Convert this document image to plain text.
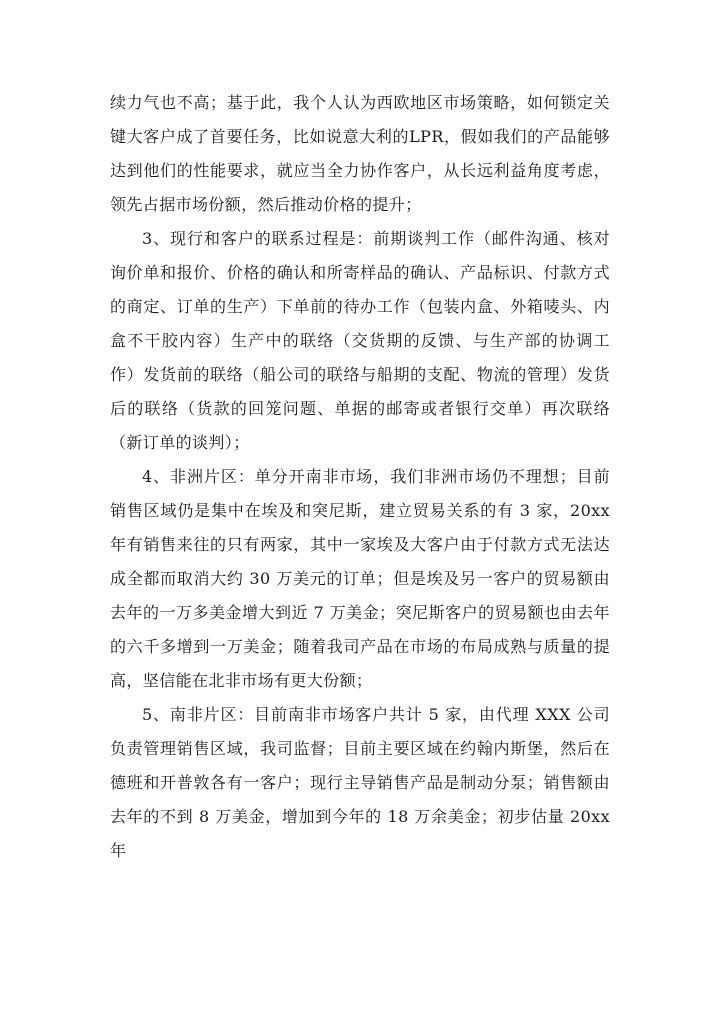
续力气也不高；基于此，我个人认为西欧地区市场策略，如何锁定关键大客户成了首要任务，比如说意大利的LPR，假如我们的产品能够达到他们的性能要求，就应当全力协作客户，从长远利益角度考虑，领先占据市场份额，然后推动价格的提升；

3、现行和客户的联系过程是：前期谈判工作（邮件沟通、核对询价单和报价、价格的确认和所寄样品的确认、产品标识、付款方式的商定、订单的生产）下单前的待办工作（包装内盒、外箱唛头、内盒不干胶内容）生产中的联络（交货期的反馈、与生产部的协调工作）发货前的联络（船公司的联络与船期的支配、物流的管理）发货后的联络（货款的回笼问题、单据的邮寄或者银行交单）再次联络（新订单的谈判）；

4、非洲片区：单分开南非市场，我们非洲市场仍不理想；目前销售区域仍是集中在埃及和突尼斯，建立贸易关系的有 3 家，20xx 年有销售来往的只有两家，其中一家埃及大客户由于付款方式无法达成全都而取消大约 30 万美元的订单；但是埃及另一客户的贸易额由去年的一万多美金增大到近 7 万美金；突尼斯客户的贸易额也由去年的六千多增到一万美金；随着我司产品在市场的布局成熟与质量的提高，坚信能在北非市场有更大份额；

5、南非片区：目前南非市场客户共计 5 家，由代理 XXX 公司负责管理销售区域，我司监督；目前主要区域在约翰内斯堡，然后在德班和开普敦各有一客户；现行主导销售产品是制动分泵；销售额由去年的不到 8 万美金，增加到今年的 18 万余美金；初步估量 20xx 年
